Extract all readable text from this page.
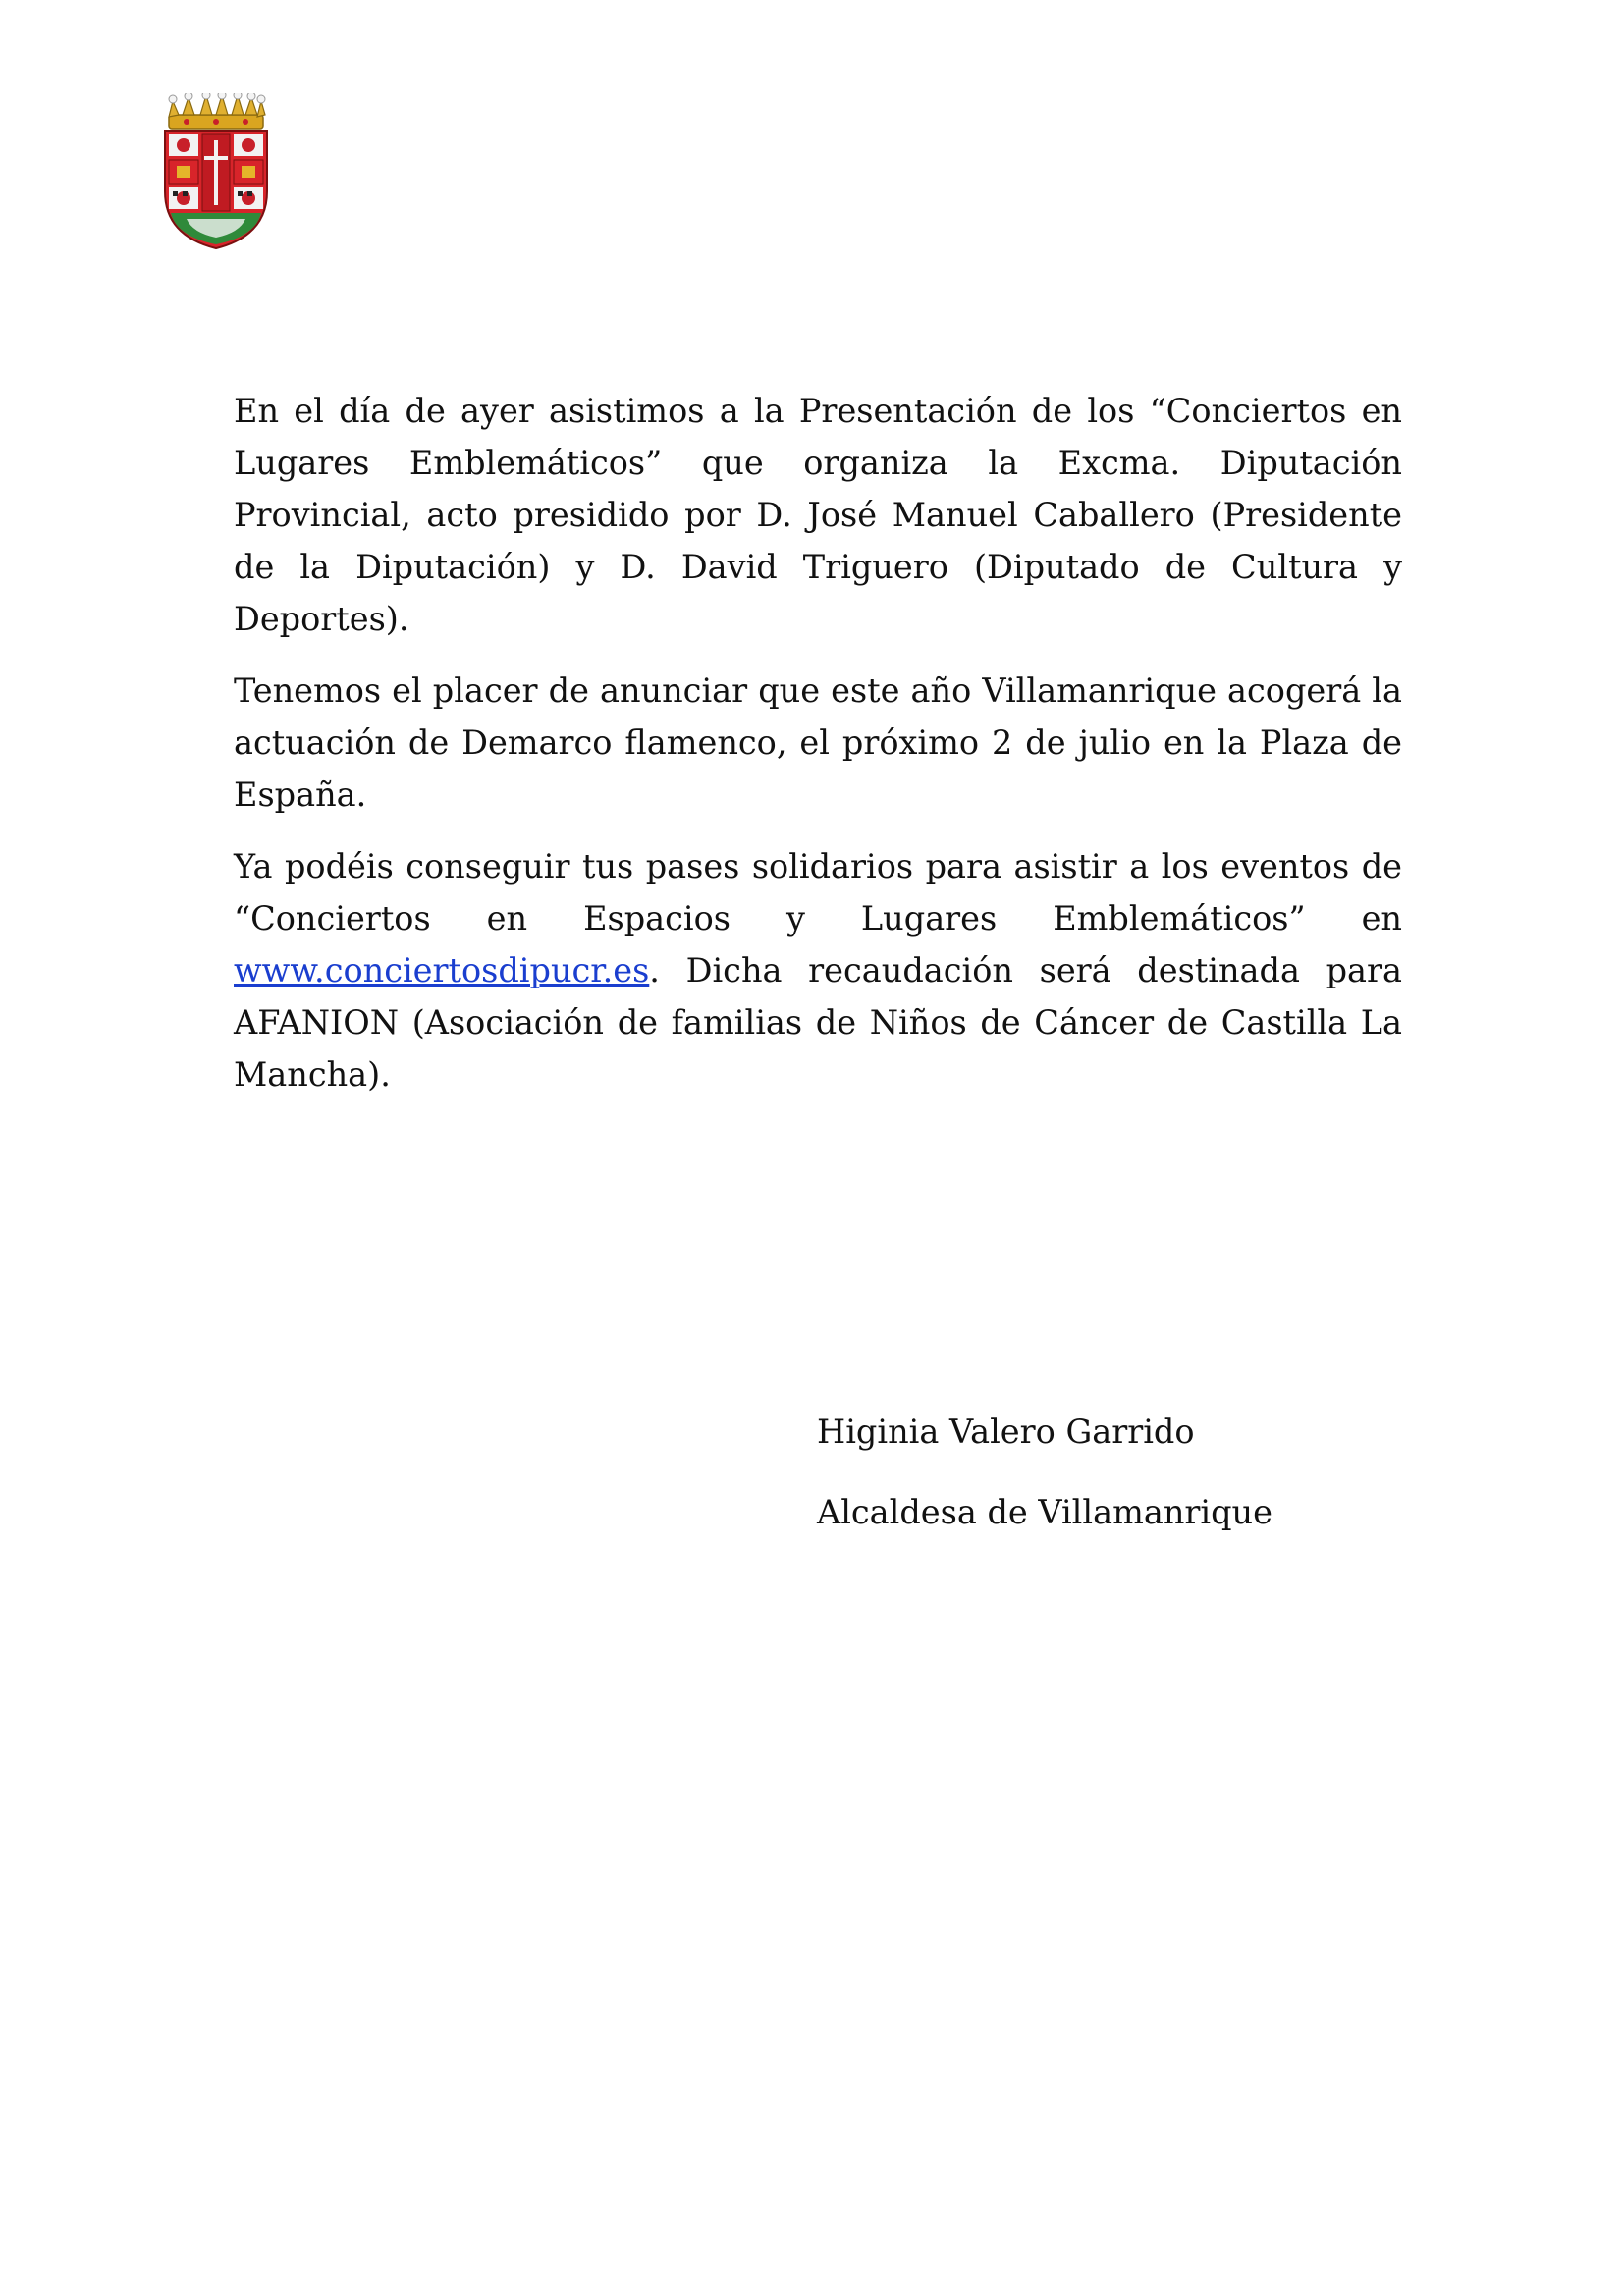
En el día de ayer asistimos a la Presentación de los “Conciertos en Lugares Emblemáticos” que organiza la Excma. Diputación Provincial, acto presidido por D. José Manuel Caballero (Presidente de la Diputación) y D. David Triguero (Diputado de Cultura y Deportes).

Tenemos el placer de anunciar que este año Villamanrique acogerá la actuación de Demarco flamenco, el próximo 2 de julio en la Plaza de España.

Ya podéis conseguir tus pases solidarios para asistir a los eventos de “Conciertos en Espacios y Lugares Emblemáticos” en www.conciertosdipucr.es. Dicha recaudación será destinada para AFANION (Asociación de familias de Niños de Cáncer de Castilla La Mancha).

Higinia Valero Garrido
Alcaldesa de Villamanrique
